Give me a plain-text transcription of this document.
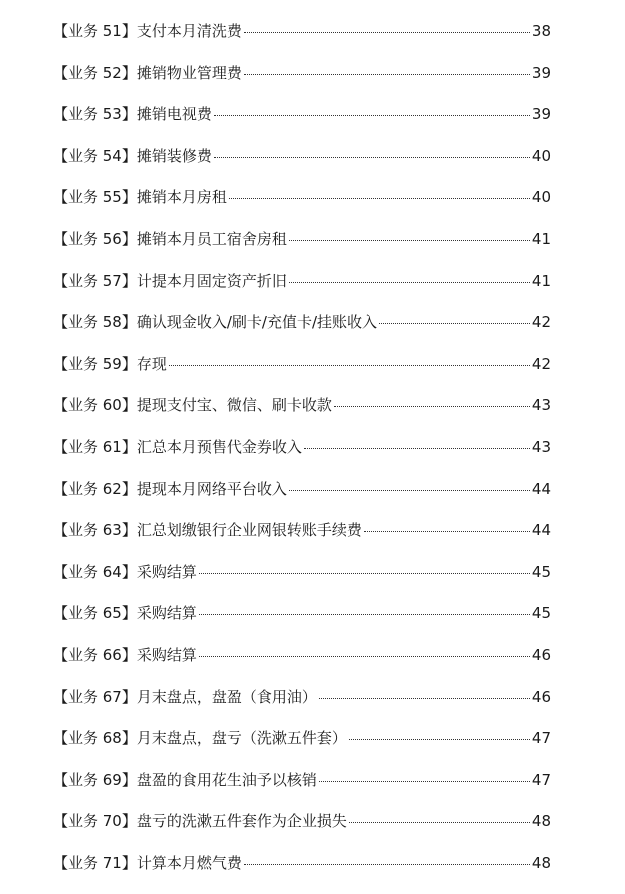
【业务 51】支付本月清洗费	38
【业务 52】摊销物业管理费	39
【业务 53】摊销电视费	39
【业务 54】摊销装修费	40
【业务 55】摊销本月房租	40
【业务 56】摊销本月员工宿舍房租	41
【业务 57】计提本月固定资产折旧	41
【业务 58】确认现金收入/刷卡/充值卡/挂账收入	42
【业务 59】存现	42
【业务 60】提现支付宝、微信、刷卡收款	43
【业务 61】汇总本月预售代金券收入	43
【业务 62】提现本月网络平台收入	44
【业务 63】汇总划缴银行企业网银转账手续费	44
【业务 64】采购结算	45
【业务 65】采购结算	45
【业务 66】采购结算	46
【业务 67】月末盘点，盘盈（食用油）	46
【业务 68】月末盘点，盘亏（洗漱五件套）	47
【业务 69】盘盈的食用花生油予以核销	47
【业务 70】盘亏的洗漱五件套作为企业损失	48
【业务 71】计算本月燃气费	48
